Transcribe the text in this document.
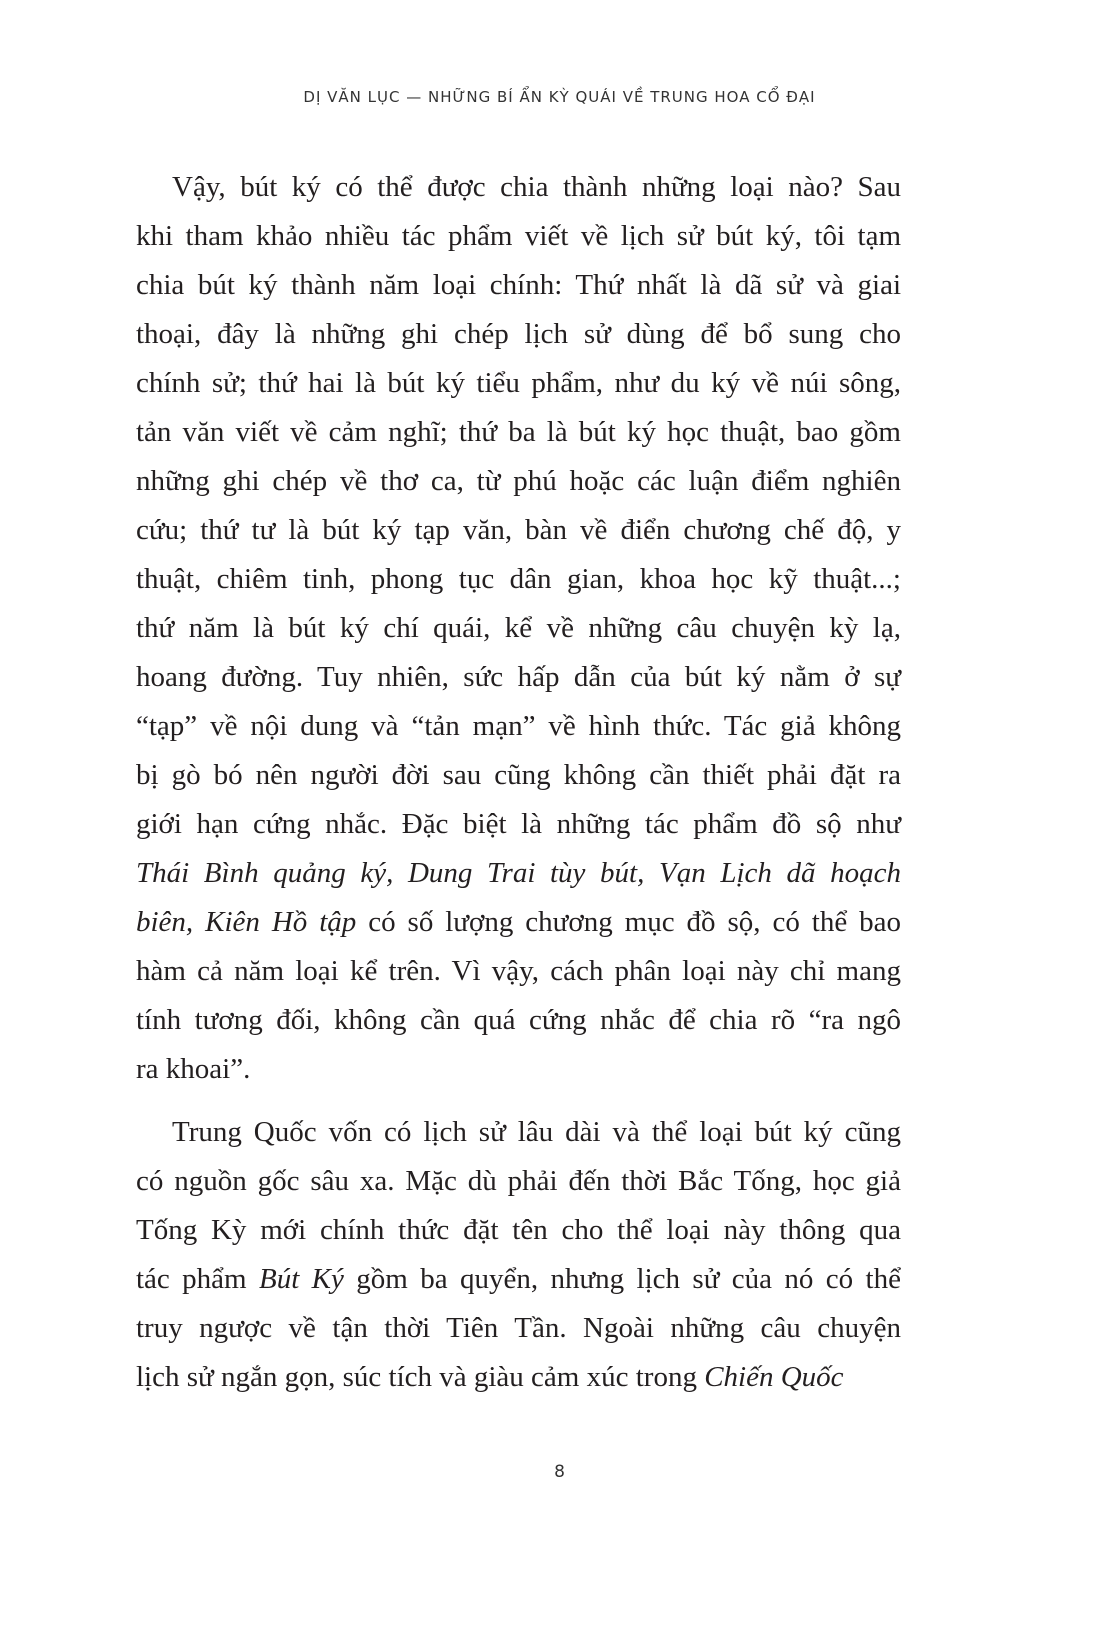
DỊ VĂN LỤC — NHỮNG BÍ ẨN KỲ QUÁI VỀ TRUNG HOA CỔ ĐẠI
Vậy, bút ký có thể được chia thành những loại nào? Sau
khi tham khảo nhiều tác phẩm viết về lịch sử bút ký, tôi tạm
chia bút ký thành năm loại chính: Thứ nhất là dã sử và giai
thoại, đây là những ghi chép lịch sử dùng để bổ sung cho
chính sử; thứ hai là bút ký tiểu phẩm, như du ký về núi sông,
tản văn viết về cảm nghĩ; thứ ba là bút ký học thuật, bao gồm
những ghi chép về thơ ca, từ phú hoặc các luận điểm nghiên
cứu; thứ tư là bút ký tạp văn, bàn về điển chương chế độ, y
thuật, chiêm tinh, phong tục dân gian, khoa học kỹ thuật...;
thứ năm là bút ký chí quái, kể về những câu chuyện kỳ lạ,
hoang đường. Tuy nhiên, sức hấp dẫn của bút ký nằm ở sự
“tạp” về nội dung và “tản mạn” về hình thức. Tác giả không
bị gò bó nên người đời sau cũng không cần thiết phải đặt ra
giới hạn cứng nhắc. Đặc biệt là những tác phẩm đồ sộ như
Thái Bình quảng ký, Dung Trai tùy bút, Vạn Lịch dã hoạch
biên, Kiên Hồ tập có số lượng chương mục đồ sộ, có thể bao
hàm cả năm loại kể trên. Vì vậy, cách phân loại này chỉ mang
tính tương đối, không cần quá cứng nhắc để chia rõ “ra ngô
ra khoai”.
Trung Quốc vốn có lịch sử lâu dài và thể loại bút ký cũng
có nguồn gốc sâu xa. Mặc dù phải đến thời Bắc Tống, học giả
Tống Kỳ mới chính thức đặt tên cho thể loại này thông qua
tác phẩm Bút Ký gồm ba quyển, nhưng lịch sử của nó có thể
truy ngược về tận thời Tiên Tần. Ngoài những câu chuyện
lịch sử ngắn gọn, súc tích và giàu cảm xúc trong Chiến Quốc
8
